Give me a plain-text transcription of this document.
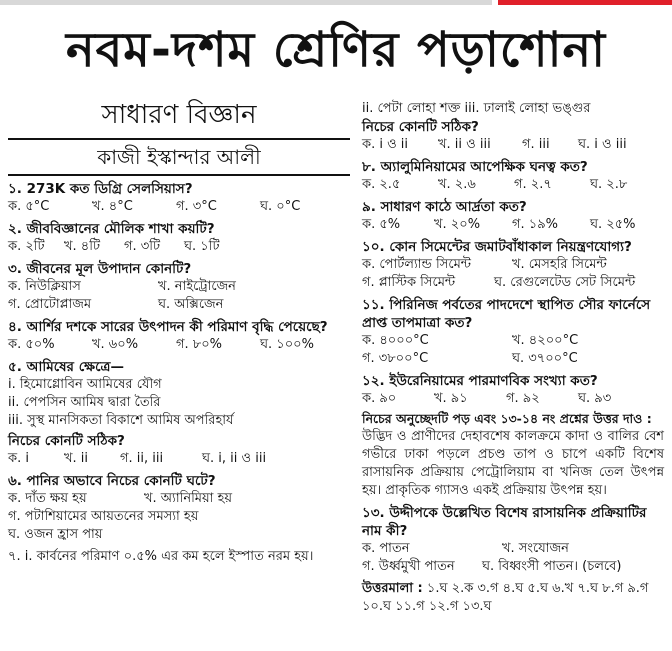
নবম-দশম শ্রেণির পড়াশোনা
সাধারণ বিজ্ঞান
কাজী ইস্কান্দার আলী
১. 273K কত ডিগ্রি সেলসিয়াস?
ক. ৫°C	খ. ৪°C	গ. ৩°C	ঘ. ০°C
২. জীববিজ্ঞানের মৌলিক শাখা কয়টি?
ক. ২টি খ. ৪টি গ. ৩টি ঘ. ১টি
৩. জীবনের মূল উপাদান কোনটি?
ক. নিউক্লিয়াস	খ. নাইট্রোজেন
গ. প্রোটোপ্লাজম	ঘ. অক্সিজেন
৪. আর্শির দশকে সারের উৎপাদন কী পরিমাণ বৃদ্ধি পেয়েছে?
ক. ৫০%	খ. ৬০%	গ. ৮০%	ঘ. ১০০%
৫. আমিষের ক্ষেত্রে—
i. হিমোগ্লোবিন আমিষের যৌগ
ii. পেপসিন আমিষ দ্বারা তৈরি
iii. সুস্থ মানসিকতা বিকাশে আমিষ অপরিহার্য
নিচের কোনটি সঠিক?
ক. i	খ. ii গ. ii, iii	ঘ. i, ii ও iii
৬. পানির অভাবে নিচের কোনটি ঘটে?
ক. দাঁত ক্ষয় হয়	খ. অ্যানিমিয়া হয়
গ. পটাশিয়ামের আয়তনের সমস্যা হয়
ঘ. ওজন হ্রাস পায়
৭. i. কার্বনের পরিমাণ ০.৫% এর কম হলে ইস্পাত নরম হয়।
ii. পেটা লোহা শক্ত iii. ঢালাই লোহা ভঙ্গুর
নিচের কোনটি সঠিক?
ক. i ও ii খ. ii ও iii গ. iii ঘ. i ও iii
৮. অ্যালুমিনিয়ামের আপেক্ষিক ঘনত্ব কত?
ক. ২.৫	খ. ২.৬	গ. ২.৭	ঘ. ২.৮
৯. সাধারণ কাঠে আর্দ্রতা কত?
ক. ৫%	খ. ২০% গ. ১৯% ঘ. ২৫%
১০. কোন সিমেন্টের জমাটবাঁধাকাল নিয়ন্ত্রণযোগ্য?
ক. পোর্টল্যান্ড সিমেন্ট	খ. মেসহরি সিমেন্ট
গ. প্লাস্টিক সিমেন্ট	ঘ. রেগুলেটেড সেট সিমেন্ট
১১. পিরিনিজ পর্বতের পাদদেশে স্থাপিত সৌর ফার্নেসে প্রাপ্ত তাপমাত্রা কত?
ক. ৪০০০°C	খ. ৪২০০°C
গ. ৩৮০০°C	ঘ. ৩৭০০°C
১২. ইউরেনিয়ামের পারমাণবিক সংখ্যা কত?
ক. ৯০	খ. ৯১	গ. ৯২	ঘ. ৯৩
নিচের অনুচ্ছেদটি পড় এবং ১৩-১৪ নং প্রশ্নের উত্তর দাও :
উদ্ভিদ ও প্রাণীদের দেহাবশেষ কালক্রমে কাদা ও বালির বেশ গভীরে ঢাকা পড়লে প্রচণ্ড তাপ ও চাপে একটি বিশেষ রাসায়নিক প্রক্রিয়ায় পেট্রোলিয়াম বা খনিজ তেল উৎপন্ন হয়। প্রাকৃতিক গ্যাসও একই প্রক্রিয়ায় উৎপন্ন হয়।
১৩. উদ্দীপকে উল্লেখিত বিশেষ রাসায়নিক প্রক্রিয়াটির নাম কী?
ক. পাতন	খ. সংযোজন
গ. উর্ধ্বমুখী পাতন ঘ. বিধ্বংসী পাতন। (চলবে)
উত্তরমালা : ১.ঘ ২.ক ৩.গ ৪.ঘ ৫.ঘ ৬.খ ৭.ঘ ৮.গ ৯.গ
১০.ঘ ১১.গ ১২.গ ১৩.ঘ
